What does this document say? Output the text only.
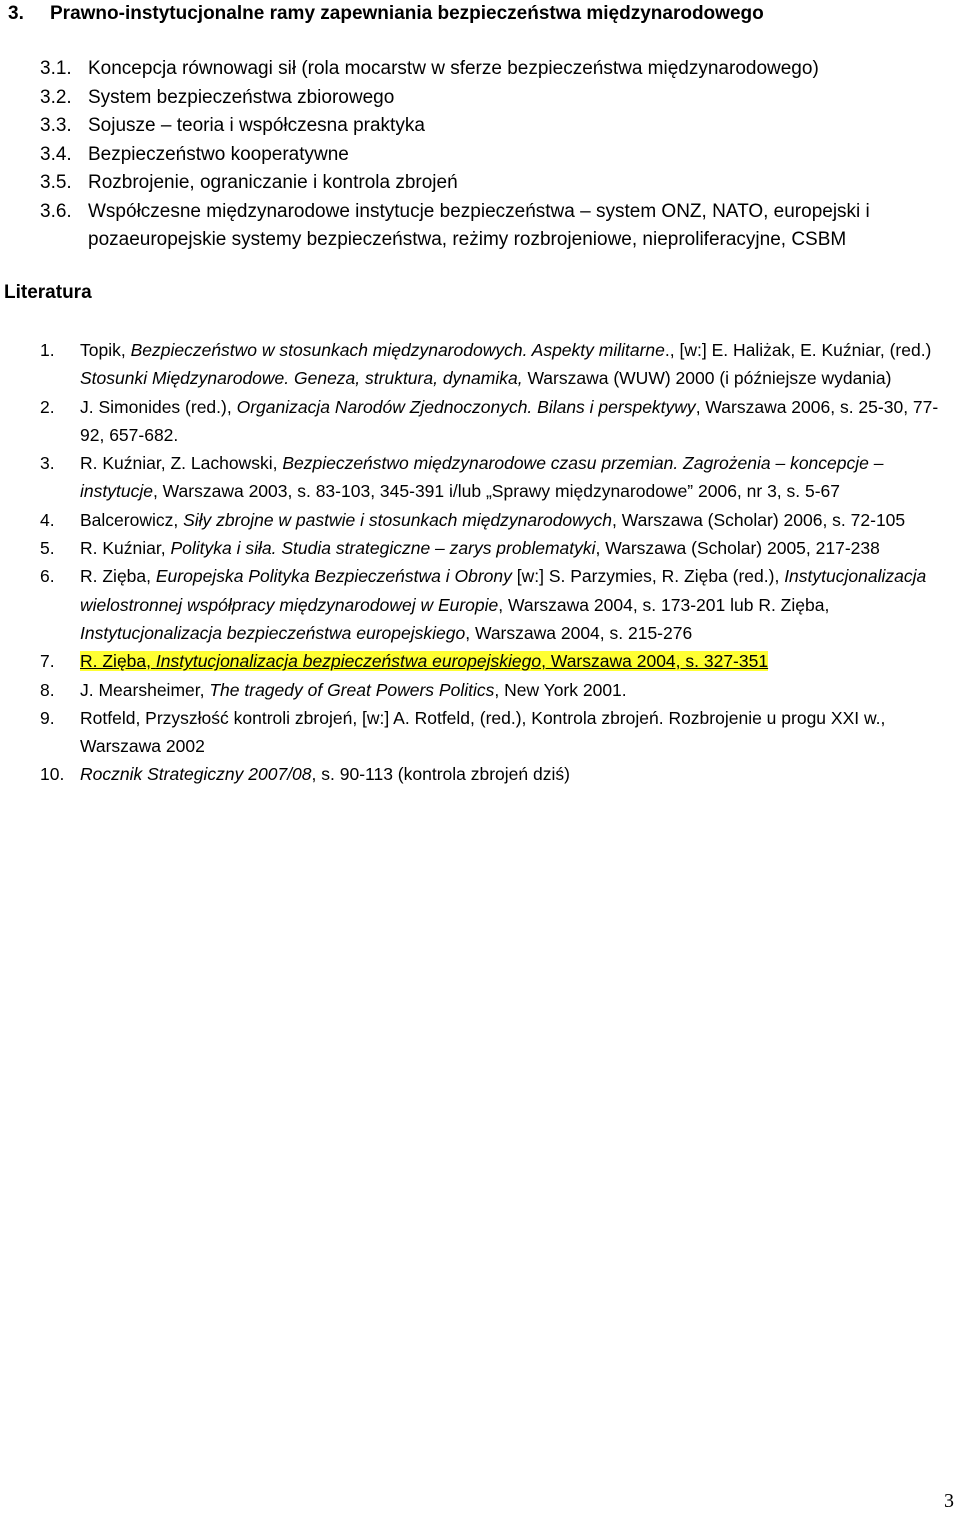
3. Prawno-instytucjonalne ramy zapewniania bezpieczeństwa międzynarodowego
3.1. Koncepcja równowagi sił (rola mocarstw w sferze bezpieczeństwa międzynarodowego)
3.2. System bezpieczeństwa zbiorowego
3.3. Sojusze – teoria i współczesna praktyka
3.4. Bezpieczeństwo kooperatywne
3.5. Rozbrojenie, ograniczanie i kontrola zbrojeń
3.6. Współczesne międzynarodowe instytucje bezpieczeństwa – system ONZ, NATO, europejski i pozaeuropejskie systemy bezpieczeństwa, reżimy rozbrojeniowe, nieproliferacyjne, CSBM
Literatura
1. Topik, Bezpieczeństwo w stosunkach międzynarodowych. Aspekty militarne., [w:] E. Haliżak, E. Kuźniar, (red.) Stosunki Międzynarodowe. Geneza, struktura, dynamika, Warszawa (WUW) 2000 (i późniejsze wydania)
2. J. Simonides (red.), Organizacja Narodów Zjednoczonych. Bilans i perspektywy, Warszawa 2006, s. 25-30, 77-92, 657-682.
3. R. Kuźniar, Z. Lachowski, Bezpieczeństwo międzynarodowe czasu przemian. Zagrożenia – koncepcje – instytucje, Warszawa 2003, s. 83-103, 345-391 i/lub „Sprawy międzynarodowe” 2006, nr 3, s. 5-67
4. Balcerowicz, Siły zbrojne w pastwie i stosunkach międzynarodowych, Warszawa (Scholar) 2006, s. 72-105
5. R. Kuźniar, Polityka i siła. Studia strategiczne – zarys problematyki, Warszawa (Scholar) 2005, 217-238
6. R. Zięba, Europejska Polityka Bezpieczeństwa i Obrony [w:] S. Parzymies, R. Zięba (red.), Instytucjonalizacja wielostronnej współpracy międzynarodowej w Europie, Warszawa 2004, s. 173-201 lub R. Zięba, Instytucjonalizacja bezpieczeństwa europejskiego, Warszawa 2004, s. 215-276
7. R. Zięba, Instytucjonalizacja bezpieczeństwa europejskiego, Warszawa 2004, s. 327-351
8. J. Mearsheimer, The tragedy of Great Powers Politics, New York 2001.
9. Rotfeld, Przyszłość kontroli zbrojeń, [w:] A. Rotfeld, (red.), Kontrola zbrojeń. Rozbrojenie u progu XXI w., Warszawa 2002
10. Rocznik Strategiczny 2007/08, s. 90-113 (kontrola zbrojeń dziś)
3
